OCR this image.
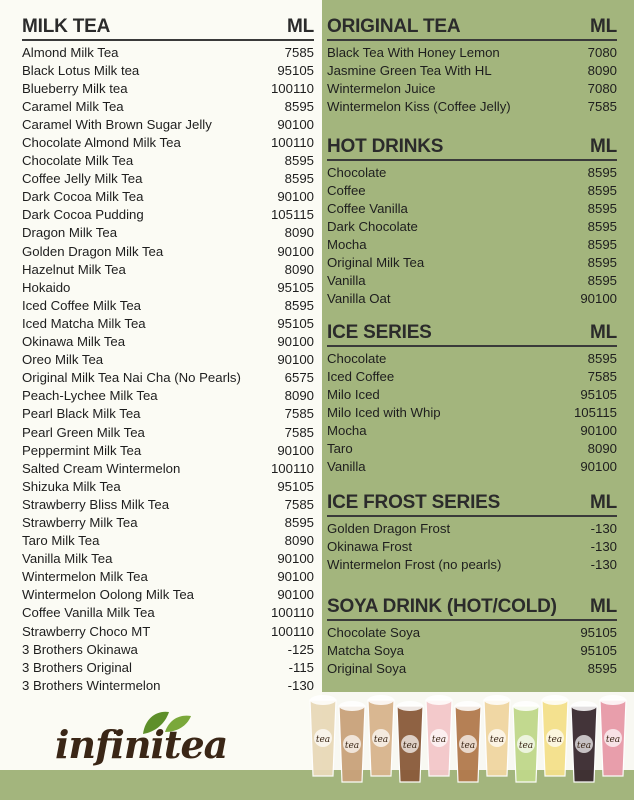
MILK TEA	M L
Almond Milk Tea	75 85
Black Lotus Milk tea	95 105
Blueberry Milk tea	100 110
Caramel Milk Tea	85 95
Caramel With Brown Sugar Jelly	90 100
Chocolate Almond Milk Tea	100 110
Chocolate Milk Tea	85 95
Coffee Jelly Milk Tea	85 95
Dark Cocoa Milk Tea	90 100
Dark Cocoa Pudding	105 115
Dragon Milk Tea	80 90
Golden Dragon Milk Tea	90 100
Hazelnut Milk Tea	80 90
Hokaido	95 105
Iced Coffee Milk Tea	85 95
Iced Matcha Milk Tea	95 105
Okinawa Milk Tea	90 100
Oreo Milk Tea	90 100
Original Milk Tea Nai Cha (No Pearls)	65 75
Peach-Lychee Milk Tea	80 90
Pearl Black Milk Tea	75 85
Pearl Green Milk Tea	75 85
Peppermint Milk Tea	90 100
Salted Cream Wintermelon	100 110
Shizuka Milk Tea	95 105
Strawberry Bliss Milk Tea	75 85
Strawberry Milk Tea	85 95
Taro Milk Tea	80 90
Vanilla Milk Tea	90 100
Wintermelon Milk Tea	90 100
Wintermelon Oolong Milk Tea	90 100
Coffee Vanilla Milk Tea	100 110
Strawberry Choco MT	100 110
3 Brothers Okinawa	- 125
3 Brothers Original	- 115
3 Brothers Wintermelon	- 130
ORIGINAL TEA	M L
Black Tea With Honey Lemon	70 80
Jasmine Green Tea With HL	80 90
Wintermelon Juice	70 80
Wintermelon Kiss (Coffee Jelly)	75 85
HOT DRINKS	M L
Chocolate	85 95
Coffee	85 95
Coffee Vanilla	85 95
Dark Chocolate	85 95
Mocha	85 95
Original Milk Tea	85 95
Vanilla	85 95
Vanilla Oat	90 100
ICE SERIES	M L
Chocolate	85 95
Iced Coffee	75 85
Milo Iced	95 105
Milo Iced with Whip	105 115
Mocha	90 100
Taro	80 90
Vanilla	90 100
ICE FROST SERIES	M L
Golden Dragon Frost	- 130
Okinawa Frost	- 130
Wintermelon Frost (no pearls)	- 130
SOYA DRINK (HOT/COLD)	M L
Chocolate Soya	95 105
Matcha Soya	95 105
Original Soya	85 95
infinitea	tea
tea
tea
tea
tea
tea
tea
tea
tea
tea
tea
